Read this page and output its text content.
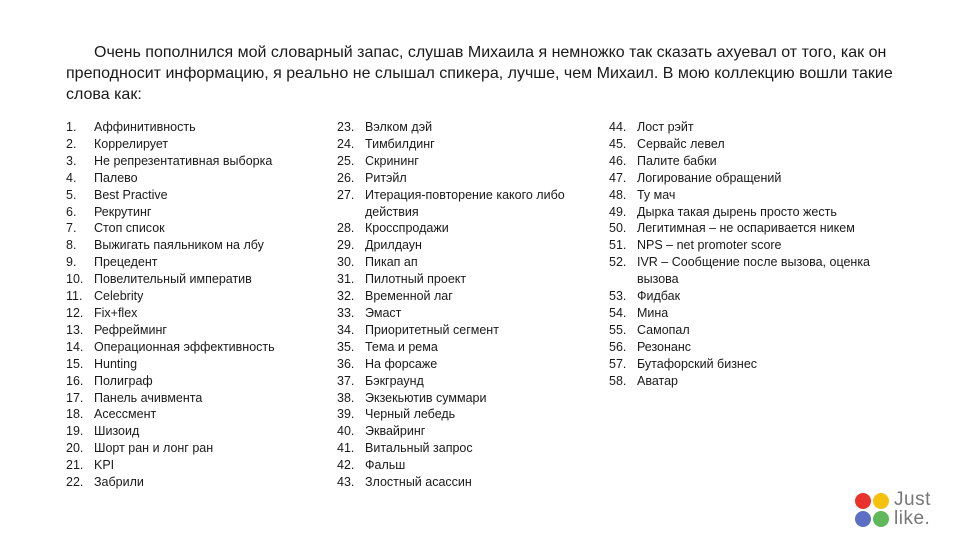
Очень пополнился мой словарный запас, слушав Михаила я немножко так сказать ахуевал от того, как он преподносит информацию, я реально не слышал спикера, лучше, чем Михаил. В мою коллекцию вошли такие слова как:

1.	Аффинитивность
2.	Коррелирует
3.	Не репрезентативная выборка
4.	Палево
5.	Best Practive
6.	Рекрутинг
7.	Стоп список
8.	Выжигать паяльником на лбу
9.	Прецедент
10. Повелительный императив
11. Celebrity
12. Fix+flex
13. Рефрейминг
14. Операционная эффективность
15. Hunting
16. Полиграф
17. Панель ачивмента
18. Асессмент
19. Шизоид
20. Шорт ран и лонг ран
21. KPI
22. Забрили
23. Вэлком дэй
24. Тимбилдинг
25. Скрининг
26. Ритэйл
27. Итерация-повторение какого либо действия
28. Кросспродажи
29. Дрилдаун
30. Пикап ап
31. Пилотный проект
32. Временной лаг
33. Эмаст
34. Приоритетный сегмент
35. Тема и рема
36. На форсаже
37. Бэкграунд
38. Экзекьютив суммари
39. Черный лебедь
40. Эквайринг
41. Витальный запрос
42. Фальш
43. Злостный асассин
44. Лост рэйт
45. Сервайс левел
46. Палите бабки
47. Логирование обращений
48. Ту мач
49. Дырка такая дырень просто жесть
50. Легитимная – не оспаривается никем
51. NPS – net promoter score
52. IVR – Сообщение после вызова, оценка вызова
53. Фидбак
54. Мина
55. Самопал
56. Резонанс
57. Бутафорский бизнес
58. Аватар
Just
like.
